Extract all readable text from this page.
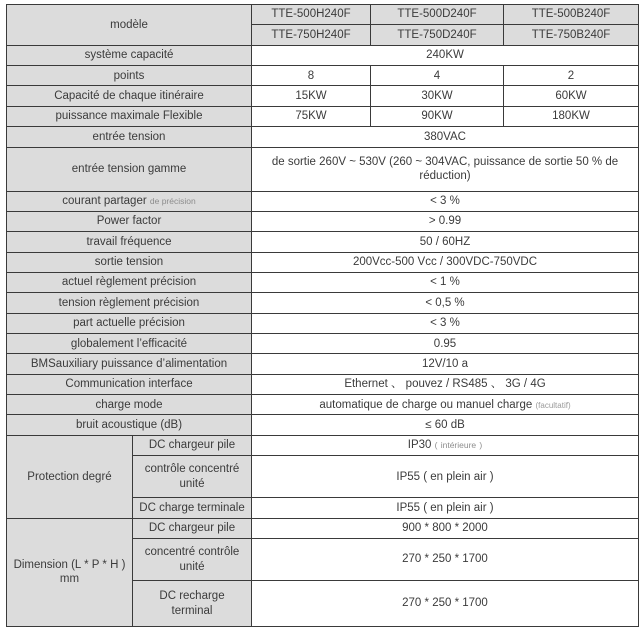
modèle		TTE-500H240F	TTE-500D240F	TTE-500B240F
		TTE-750H240F	TTE-750D240F	TTE-750B240F
système capacité		240KW		
points		8	4	2
Capacité de chaque itinéraire		15KW	30KW	60KW
puissance maximale Flexible		75KW	90KW	180KW
entrée tension		380VAC		
entrée tension gamme		de sortie 260V ~ 530V (260 ~ 304VAC, puissance de sortie 50 % de réduction)		
courant partager de précision		< 3 %		
Power factor		> 0.99		
travail fréquence		50 / 60HZ		
sortie tension		200Vcc-500 Vcc / 300VDC-750VDC		
actuel règlement précision		< 1 %		
tension règlement précision		< 0,5 %		
part actuelle précision		< 3 %		
globalement l’efficacité		0.95		
BMSauxiliary puissance d’alimentation		12V/10 a		
Communication interface		Ethernet 、 pouvez / RS485 、 3G / 4G		
charge mode		automatique de charge ou manuel charge (facultatif)		
bruit acoustique (dB)		≤ 60 dB		
Protection degré	DC chargeur pile	IP30 ( intérieure )		
	contrôle concentré unité	IP55 ( en plein air )		
	DC charge terminale	IP55 ( en plein air )		
Dimension (L * P * H ) mm	DC chargeur pile	900 * 800 * 2000		
	concentré contrôle unité	270 * 250 * 1700		
	DC recharge terminal	270 * 250 * 1700		
